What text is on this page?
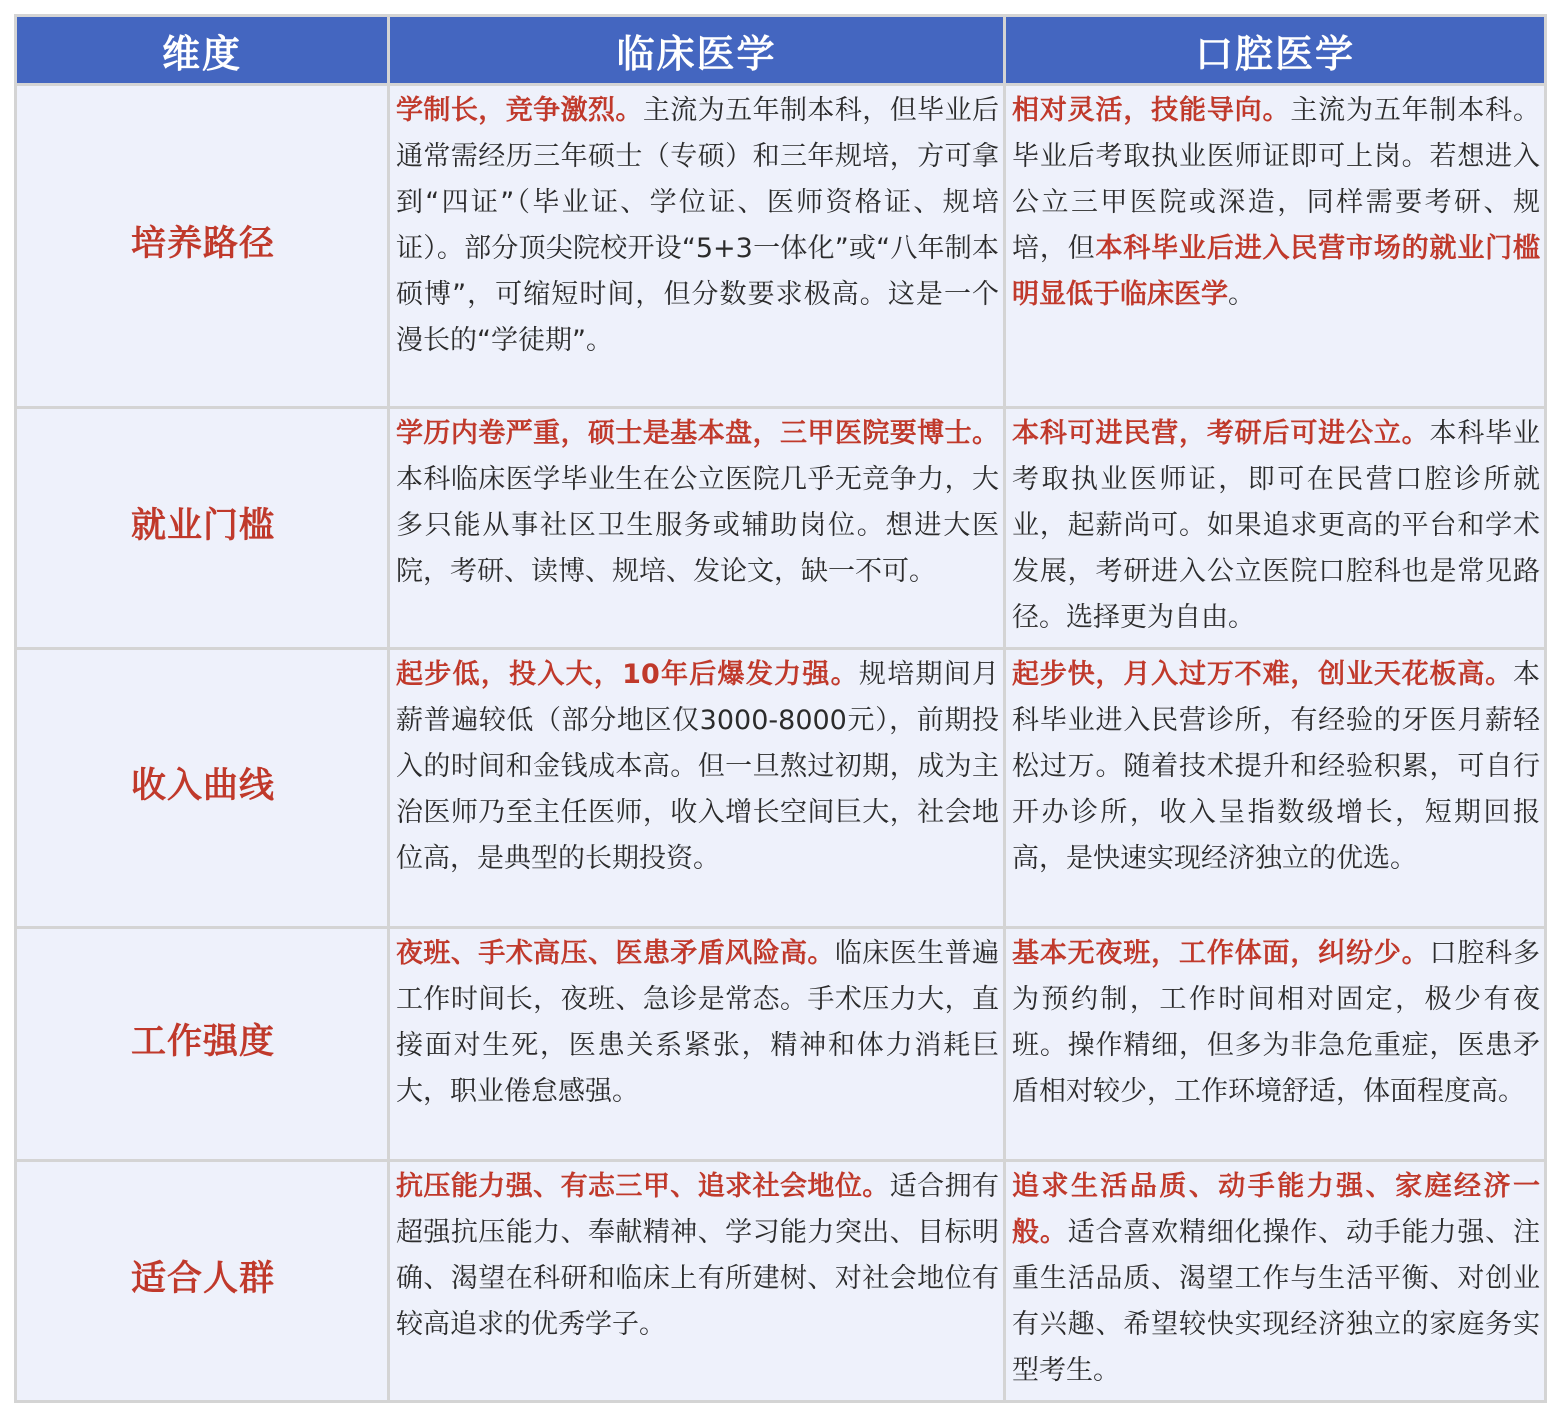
维度	临床医学	口腔医学
培养路径	学制长，竞争激烈。主流为五年制本科，但毕业后通常需经历三年硕士（专硕）和三年规培，方可拿到“四证”（毕业证、学位证、医师资格证、规培证）。部分顶尖院校开设“5+3一体化”或“八年制本硕博”，可缩短时间，但分数要求极高。这是一个漫长的“学徒期”。	相对灵活，技能导向。主流为五年制本科。毕业后考取执业医师证即可上岗。若想进入公立三甲医院或深造，同样需要考研、规培，但本科毕业后进入民营市场的就业门槛明显低于临床医学。
就业门槛	学历内卷严重，硕士是基本盘，三甲医院要博士。本科临床医学毕业生在公立医院几乎无竞争力，大多只能从事社区卫生服务或辅助岗位。想进大医院，考研、读博、规培、发论文，缺一不可。	本科可进民营，考研后可进公立。本科毕业考取执业医师证，即可在民营口腔诊所就业，起薪尚可。如果追求更高的平台和学术发展，考研进入公立医院口腔科也是常见路径。选择更为自由。
收入曲线	起步低，投入大，10年后爆发力强。规培期间月薪普遍较低（部分地区仅3000-8000元），前期投入的时间和金钱成本高。但一旦熬过初期，成为主治医师乃至主任医师，收入增长空间巨大，社会地位高，是典型的长期投资。	起步快，月入过万不难，创业天花板高。本科毕业进入民营诊所，有经验的牙医月薪轻松过万。随着技术提升和经验积累，可自行开办诊所，收入呈指数级增长，短期回报高，是快速实现经济独立的优选。
工作强度	夜班、手术高压、医患矛盾风险高。临床医生普遍工作时间长，夜班、急诊是常态。手术压力大，直接面对生死，医患关系紧张，精神和体力消耗巨大，职业倦怠感强。	基本无夜班，工作体面，纠纷少。口腔科多为预约制，工作时间相对固定，极少有夜班。操作精细，但多为非急危重症，医患矛盾相对较少，工作环境舒适，体面程度高。
适合人群	抗压能力强、有志三甲、追求社会地位。适合拥有超强抗压能力、奉献精神、学习能力突出、目标明确、渴望在科研和临床上有所建树、对社会地位有较高追求的优秀学子。	追求生活品质、动手能力强、家庭经济一般。适合喜欢精细化操作、动手能力强、注重生活品质、渴望工作与生活平衡、对创业有兴趣、希望较快实现经济独立的家庭务实型考生。
